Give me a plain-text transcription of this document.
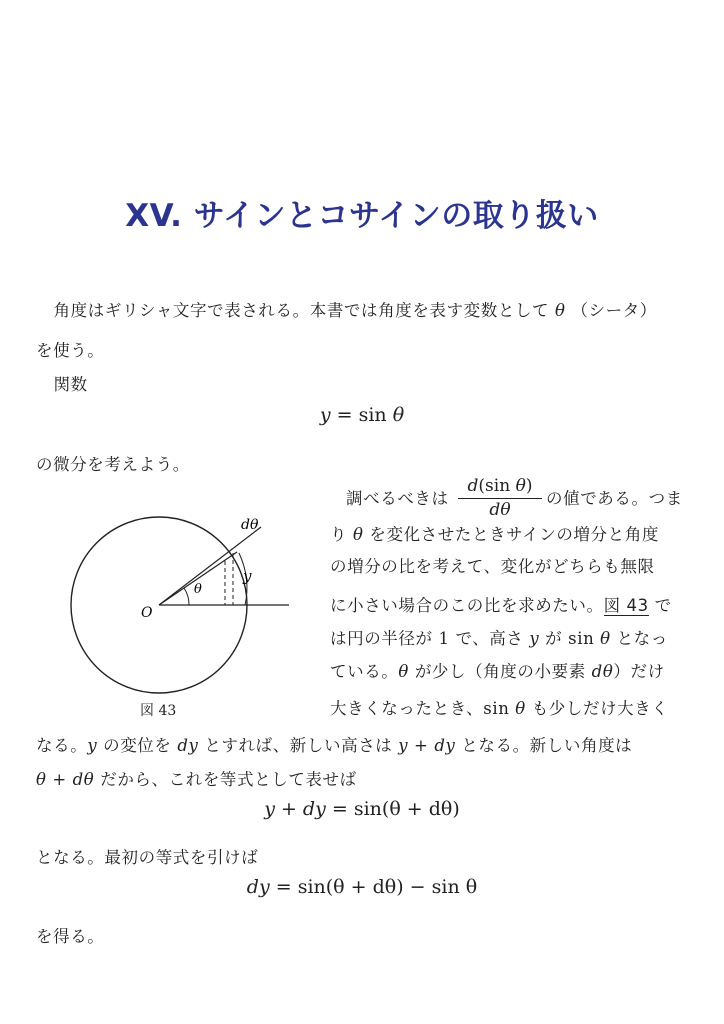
XV. サインとコサインの取り扱い
角度はギリシャ文字で表される。本書では角度を表す変数として θ （シータ）
を使う。
関数
y = sin θ
の微分を考えよう。
調べるべきは $\frac{\text{d(sin θ)}}{d\theta}$ の値である。つま
り θ を変化させたときサインの増分と角度
の増分の比を考えて、変化がどちらも無限
に小さい場合のこの比を求めたい。図 43 で
は円の半径が 1 で、高さ y が sin θ となっ
ている。θ が少し（角度の小要素 dθ）だけ
大きくなったとき、sin θ も少しだけ大きく
O
θ
y
dθ
図 43
なる。y の変位を dy とすれば、新しい高さは y + dy となる。新しい角度は
θ + dθ だから、これを等式として表せば
y + dy = sin(θ + dθ)
となる。最初の等式を引けば
dy = sin(θ + dθ) − sin θ
を得る。
